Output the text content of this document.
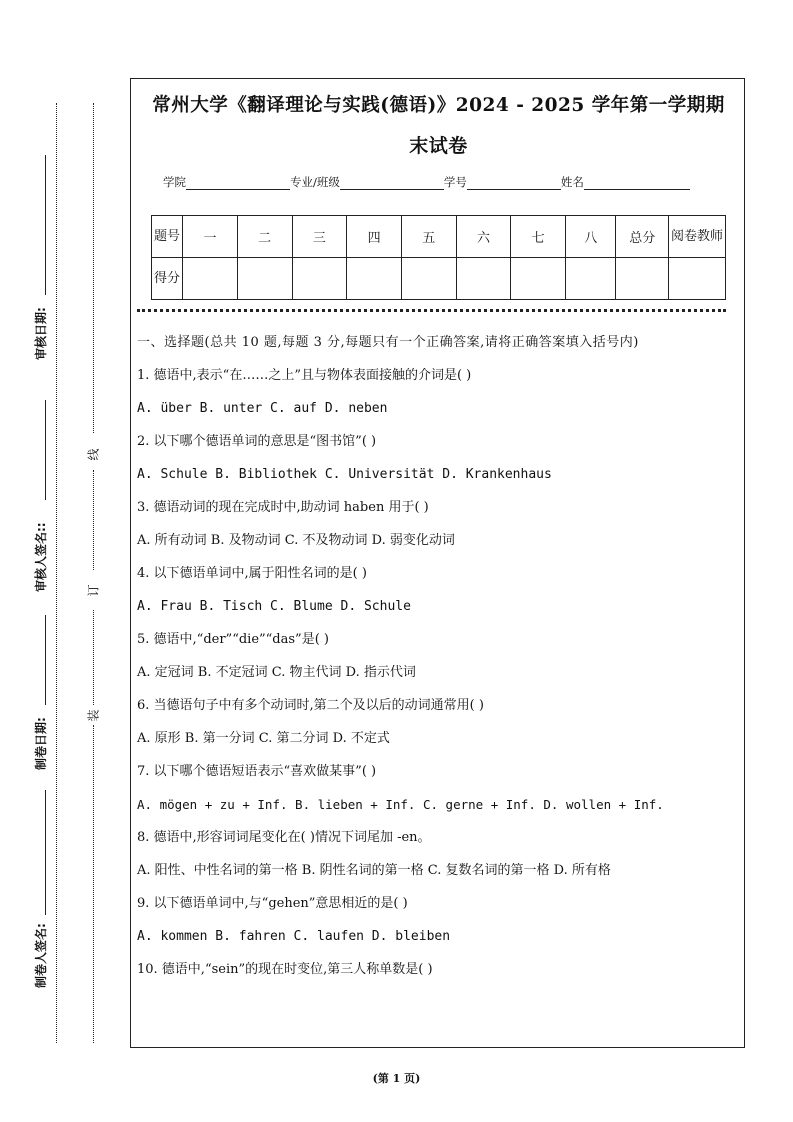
审核日期:
审核人签名::
制卷日期:
制卷人签名:
线
订
装
常州大学《翻译理论与实践(德语)》2024 - 2025 学年第一学期期
末试卷
学院	专业/班级	学号	姓名
题号	一	二	三	四	五	六	七	八	总分	阅卷教师
得分										

一、选择题(总共 10 题,每题 3 分,每题只有一个正确答案,请将正确答案填入括号内)

1. 德语中,表示“在……之上”且与物体表面接触的介词是( )

A. über B. unter C. auf D. neben

2. 以下哪个德语单词的意思是“图书馆”( )

A. Schule B. Bibliothek C. Universität D. Krankenhaus

3. 德语动词的现在完成时中,助动词 haben 用于( )

A. 所有动词 B. 及物动词 C. 不及物动词 D. 弱变化动词

4. 以下德语单词中,属于阳性名词的是( )

A. Frau B. Tisch C. Blume D. Schule

5. 德语中,“der”“die”“das”是( )

A. 定冠词 B. 不定冠词 C. 物主代词 D. 指示代词

6. 当德语句子中有多个动词时,第二个及以后的动词通常用( )

A. 原形 B. 第一分词 C. 第二分词 D. 不定式

7. 以下哪个德语短语表示“喜欢做某事”( )

A. mögen + zu + Inf. B. lieben + Inf. C. gerne + Inf. D. wollen + Inf.

8. 德语中,形容词词尾变化在( )情况下词尾加 -en。

A. 阳性、中性名词的第一格 B. 阴性名词的第一格 C. 复数名词的第一格 D. 所有格

9. 以下德语单词中,与“gehen”意思相近的是( )

A. kommen B. fahren C. laufen D. bleiben

10. 德语中,“sein”的现在时变位,第三人称单数是( )

(第 1 页)
